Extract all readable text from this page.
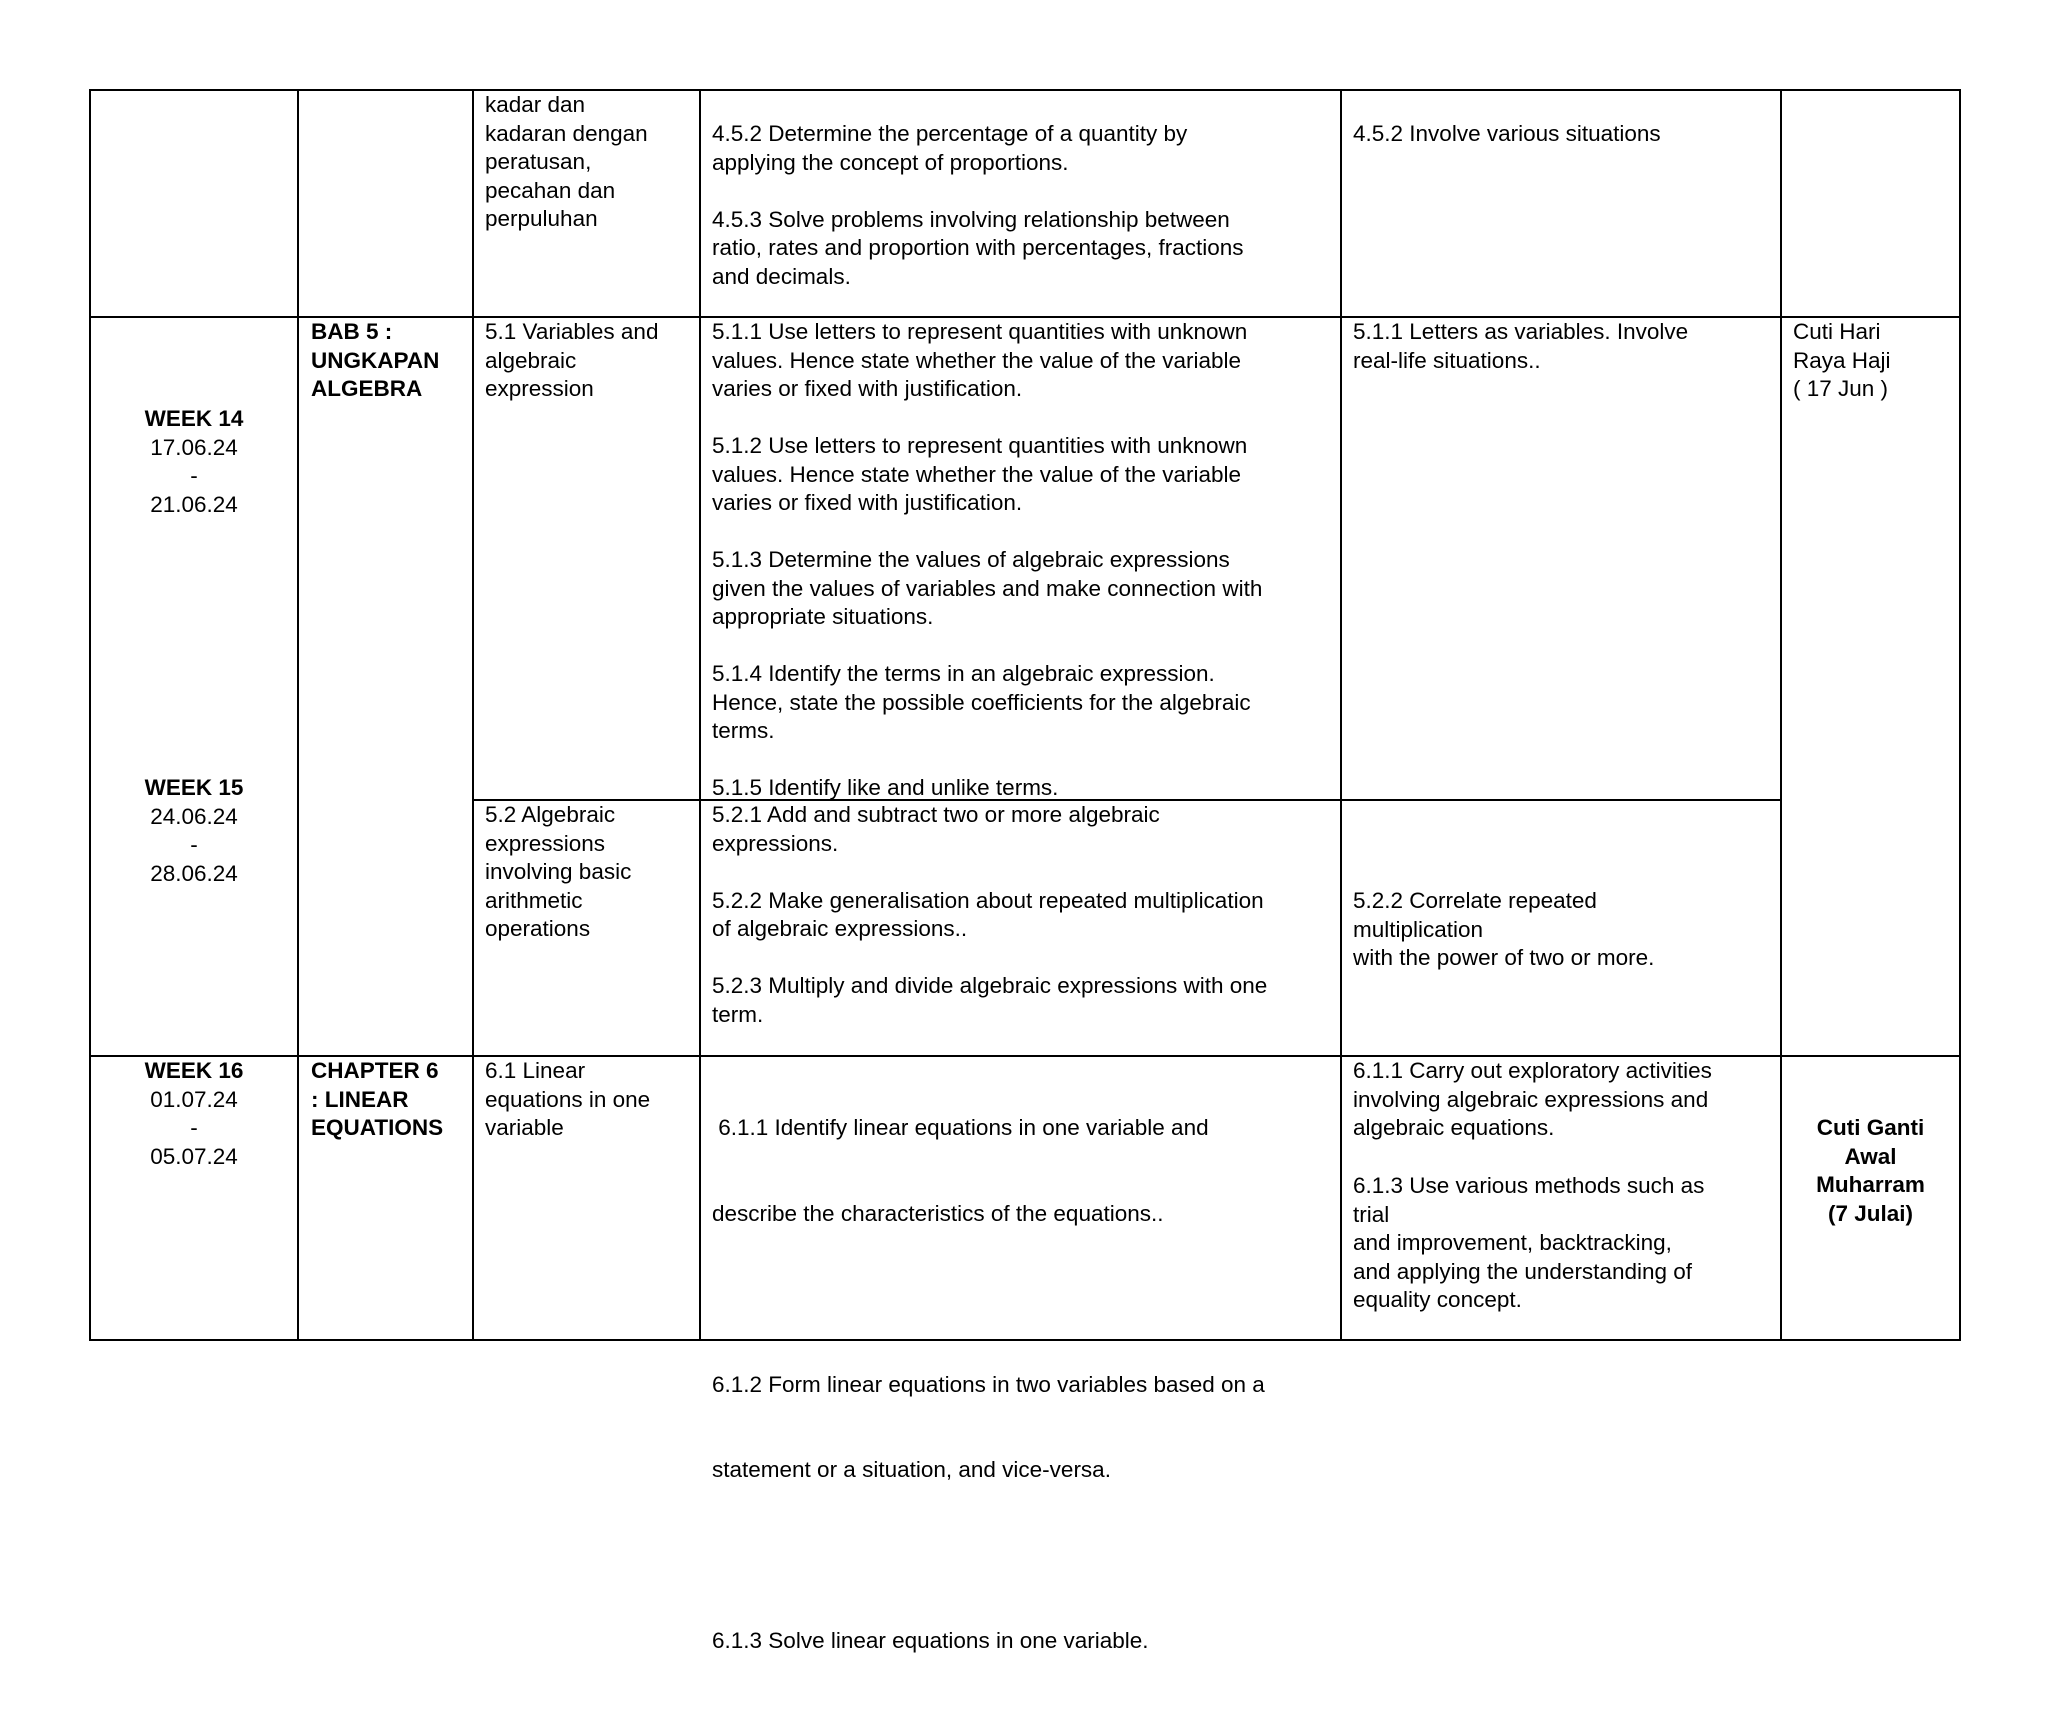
kadar dan
kadaran dengan
peratusan,
pecahan dan
perpuluhan
4.5.2 Determine the percentage of a quantity by
applying the concept of proportions.
4.5.3 Solve problems involving relationship between
ratio, rates and proportion with percentages, fractions
and decimals.
4.5.2 Involve various situations
WEEK 14
17.06.24
-
21.06.24
WEEK 15
24.06.24
-
28.06.24
BAB 5 :
UNGKAPAN
ALGEBRA
5.1 Variables and
algebraic
expression
5.1.1 Use letters to represent quantities with unknown
values. Hence state whether the value of the variable
varies or fixed with justification.
5.1.2 Use letters to represent quantities with unknown
values. Hence state whether the value of the variable
varies or fixed with justification.
5.1.3 Determine the values of algebraic expressions
given the values of variables and make connection with
appropriate situations.
5.1.4 Identify the terms in an algebraic expression.
Hence, state the possible coefficients for the algebraic
terms.
5.1.5 Identify like and unlike terms.
5.1.1 Letters as variables. Involve
real-life situations..
5.2 Algebraic
expressions
involving basic
arithmetic
operations
5.2.1 Add and subtract two or more algebraic
expressions.
5.2.2 Make generalisation about repeated multiplication
of algebraic expressions..
5.2.3 Multiply and divide algebraic expressions with one
term.
5.2.2 Correlate repeated
multiplication
with the power of two or more.
Cuti Hari
Raya Haji
( 17 Jun )
WEEK 16
01.07.24
-
05.07.24
CHAPTER 6
: LINEAR
EQUATIONS
6.1 Linear
equations in one
variable

	6.1.1 Identify linear equations in one variable and

describe the characteristics of the equations..

6.1.2 Form linear equations in two variables based on a

statement or a situation, and vice-versa.

6.1.3 Solve linear equations in one variable.

6.1.1 Carry out exploratory activities
involving algebraic expressions and
algebraic equations.
6.1.3 Use various methods such as
trial
and improvement, backtracking,
and applying the understanding of
equality concept.
Cuti Ganti
Awal
Muharram
(7 Julai)
